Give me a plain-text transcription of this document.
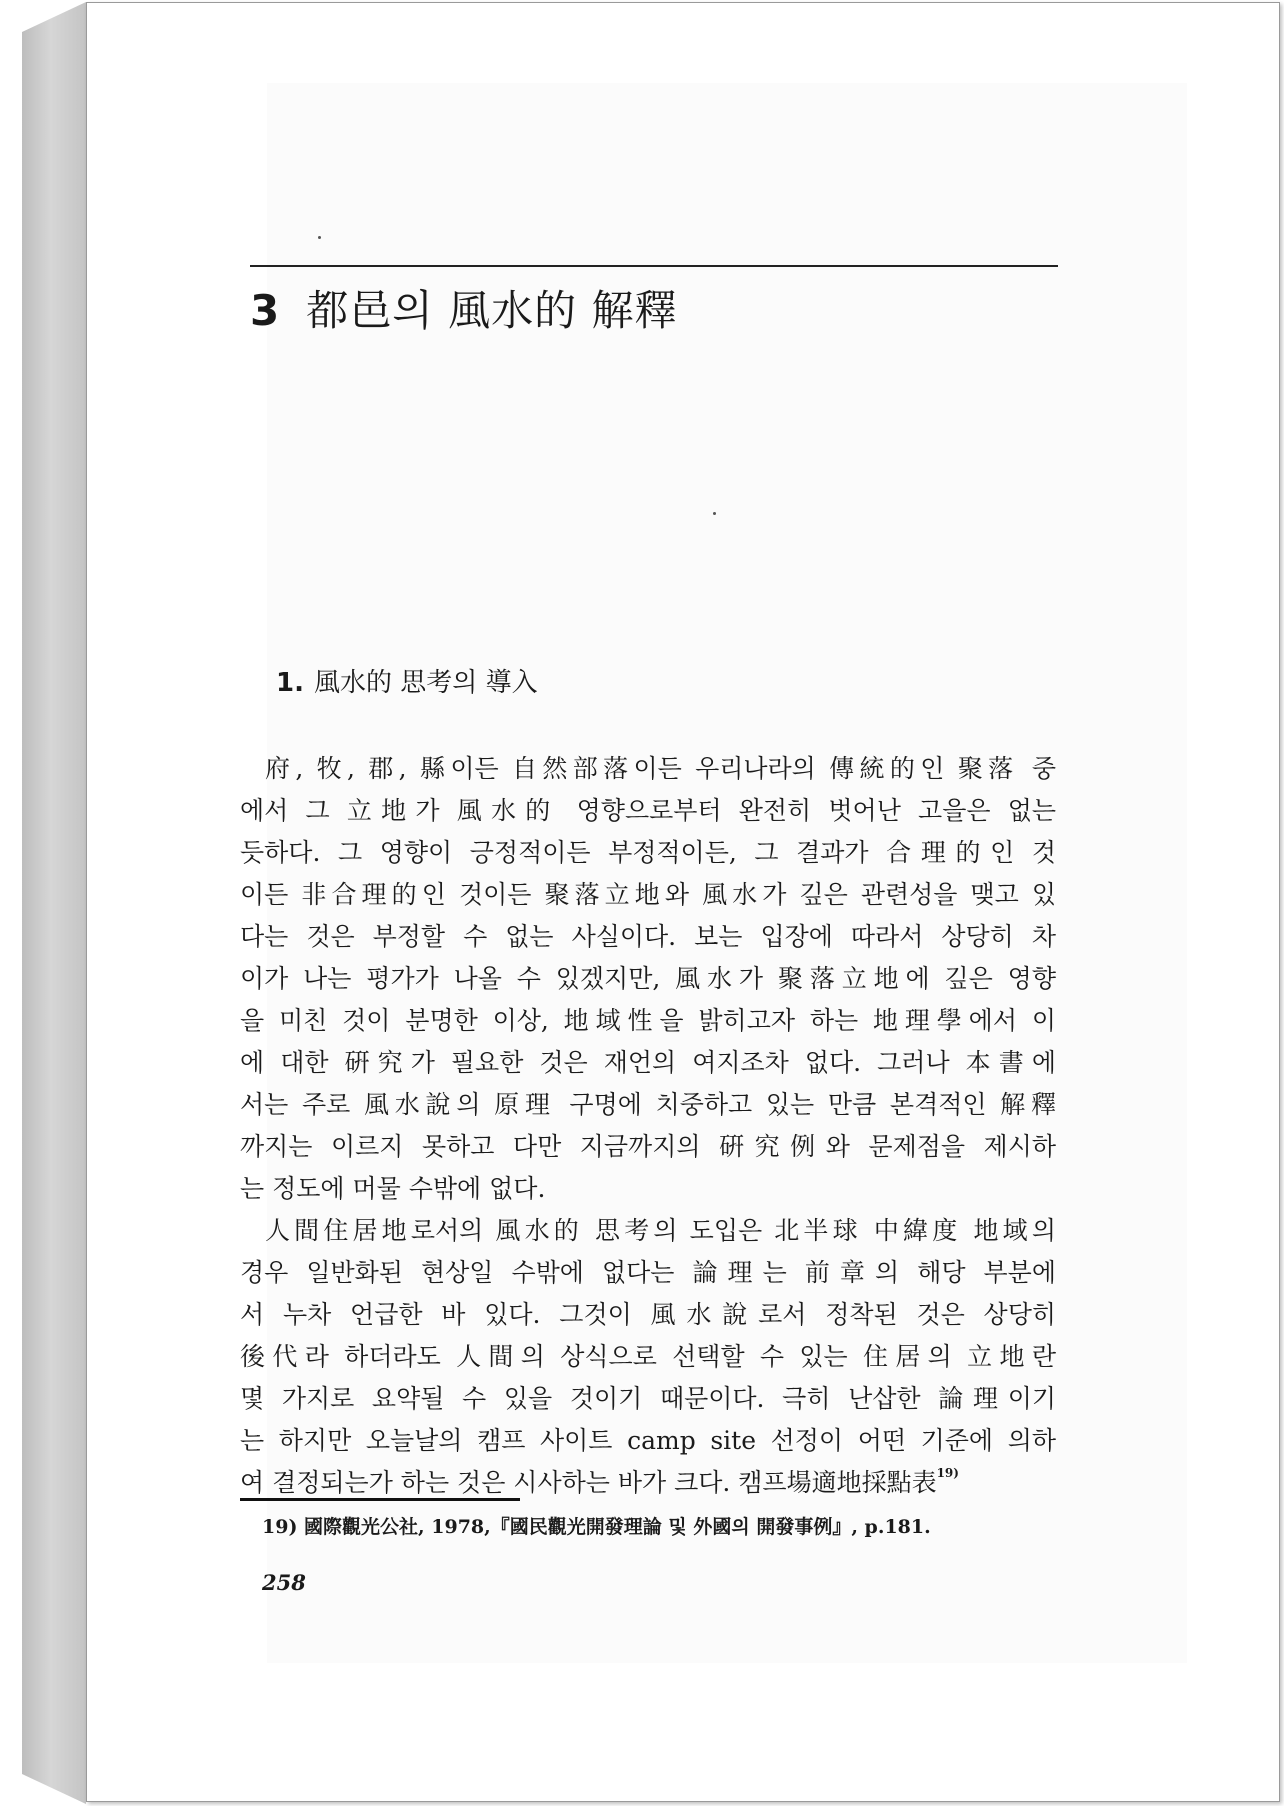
3 都邑의 風水的 解釋
1. 風水的 思考의 導入
府, 牧, 郡, 縣이든 自然部落이든 우리나라의 傳統的인 聚落 중
에서 그 立地가 風水的 영향으로부터 완전히 벗어난 고을은 없는
듯하다. 그 영향이 긍정적이든 부정적이든, 그 결과가 合理的인 것
이든 非合理的인 것이든 聚落立地와 風水가 깊은 관련성을 맺고 있
다는 것은 부정할 수 없는 사실이다. 보는 입장에 따라서 상당히 차
이가 나는 평가가 나올 수 있겠지만, 風水가 聚落立地에 깊은 영향
을 미친 것이 분명한 이상, 地域性을 밝히고자 하는 地理學에서 이
에 대한 硏究가 필요한 것은 재언의 여지조차 없다. 그러나 本書에
서는 주로 風水說의 原理 구명에 치중하고 있는 만큼 본격적인 解釋
까지는 이르지 못하고 다만 지금까지의 硏究例와 문제점을 제시하
는 정도에 머물 수밖에 없다.
人間住居地로서의 風水的 思考의 도입은 北半球 中緯度 地域의
경우 일반화된 현상일 수밖에 없다는 論理는 前章의 해당 부분에
서 누차 언급한 바 있다. 그것이 風水說로서 정착된 것은 상당히
後代라 하더라도 人間의 상식으로 선택할 수 있는 住居의 立地란
몇 가지로 요약될 수 있을 것이기 때문이다. 극히 난삽한 論理이기
는 하지만 오늘날의 캠프 사이트 camp site 선정이 어떤 기준에 의하
여 결정되는가 하는 것은 시사하는 바가 크다. 캠프場適地採點表$^{19)}$
19) 國際觀光公社, 1978,『國民觀光開發理論 및 外國의 開發事例』, p.181.
258
